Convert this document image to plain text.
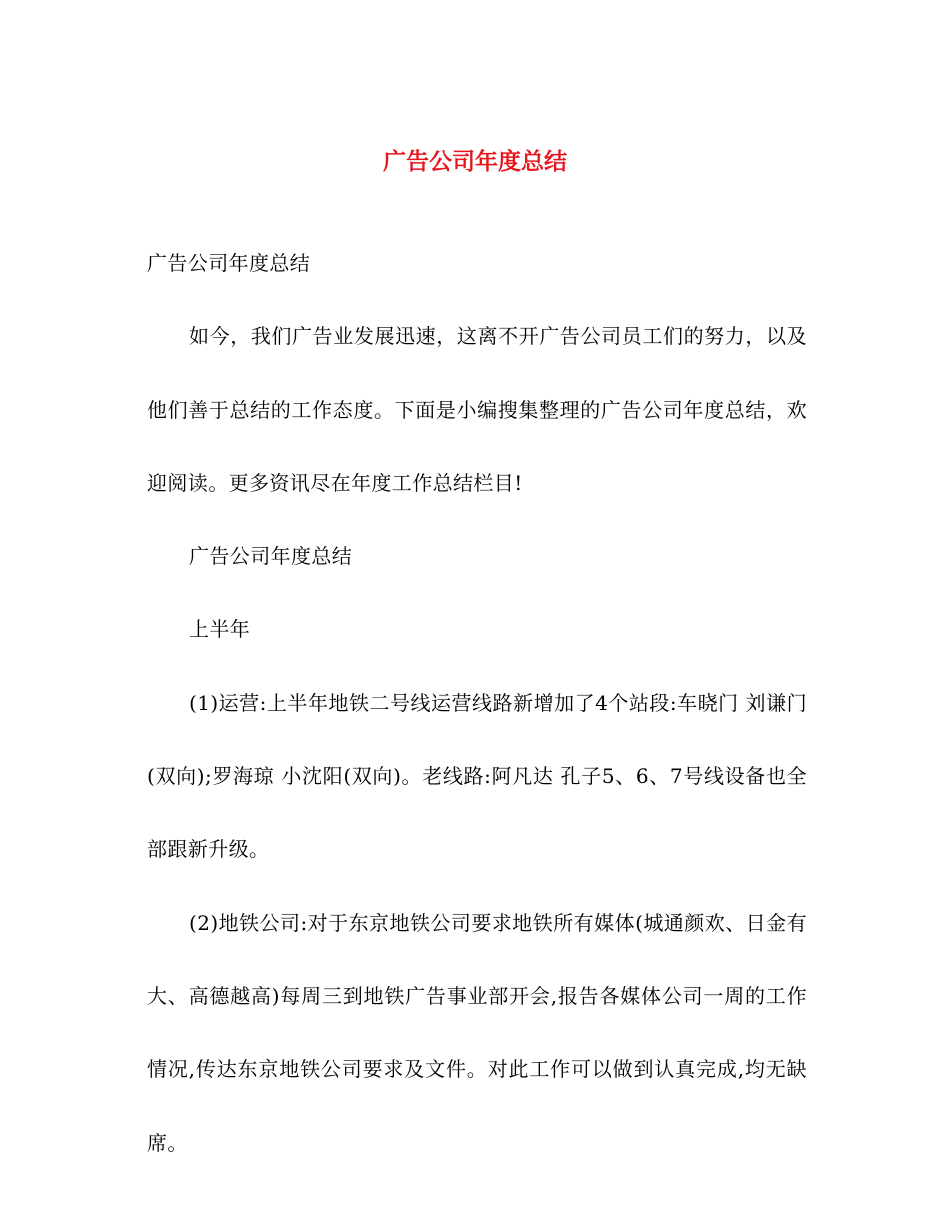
广告公司年度总结

广告公司年度总结

如今，我们广告业发展迅速，这离不开广告公司员工们的努力，以及他们善于总结的工作态度。下面是小编搜集整理的广告公司年度总结，欢迎阅读。更多资讯尽在年度工作总结栏目!

广告公司年度总结

上半年

(1)运营:上半年地铁二号线运营线路新增加了4个站段:车晓门 刘谦门(双向);罗海琼 小沈阳(双向)。老线路:阿凡达 孔子5、6、7号线设备也全部跟新升级。

(2)地铁公司:对于东京地铁公司要求地铁所有媒体(城通颜欢、日金有大、高德越高)每周三到地铁广告事业部开会,报告各媒体公司一周的工作情况,传达东京地铁公司要求及文件。对此工作可以做到认真完成,均无缺席。
